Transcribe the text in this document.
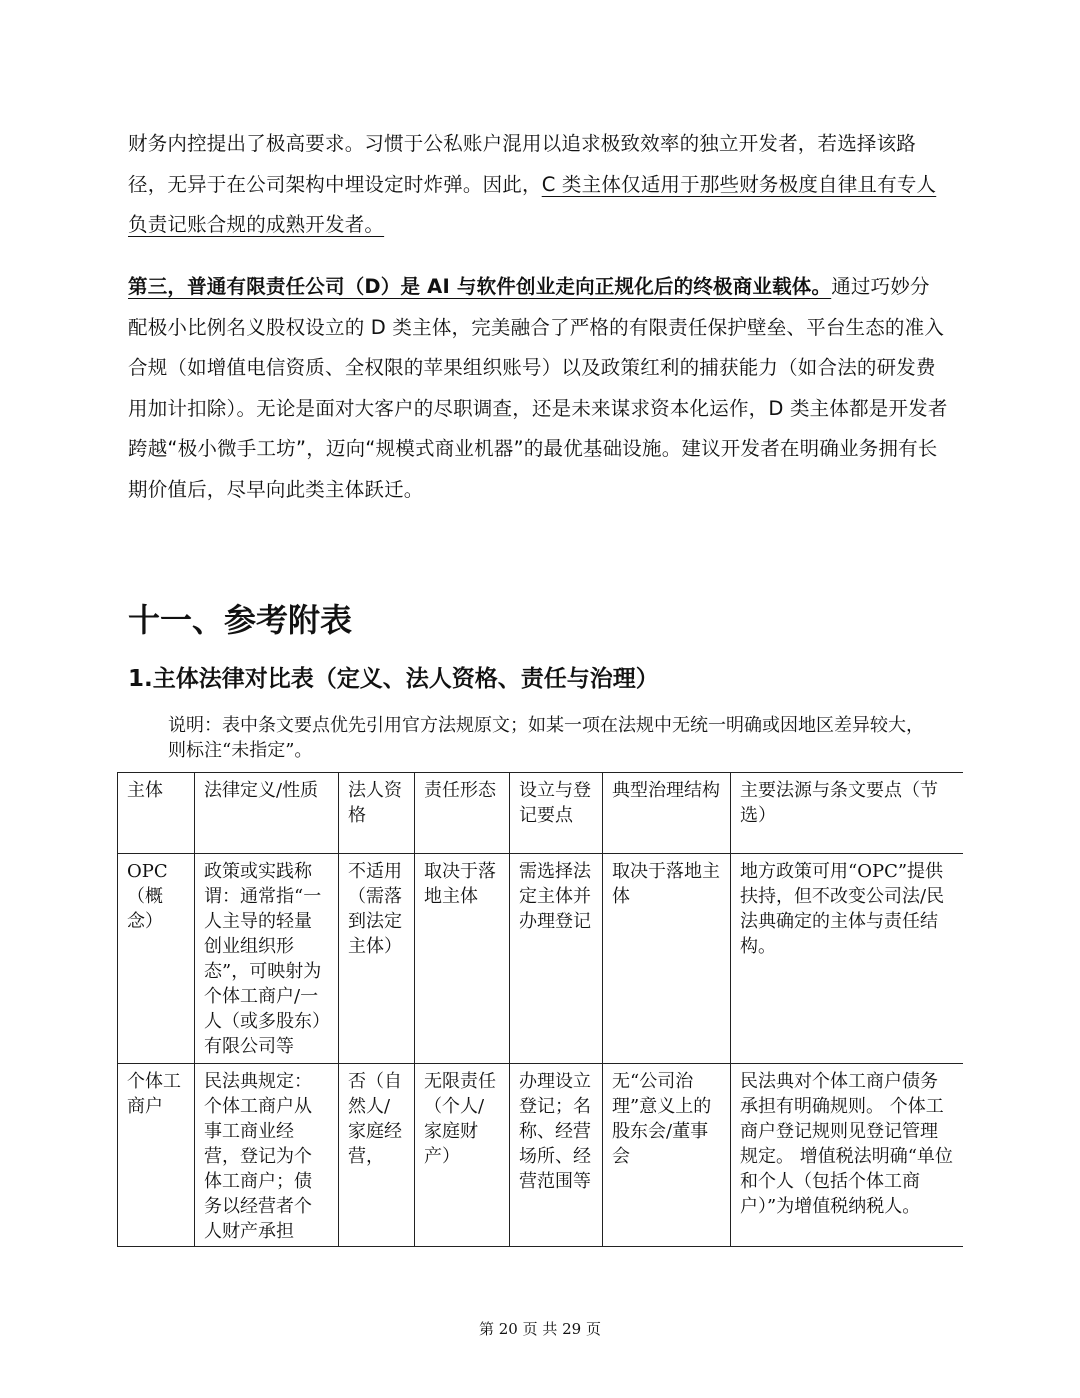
财务内控提出了极高要求。习惯于公私账户混用以追求极致效率的独立开发者，若选择该路径，无异于在公司架构中埋设定时炸弹。因此，C 类主体仅适用于那些财务极度自律且有专人负责记账合规的成熟开发者。

第三，普通有限责任公司（D）是 AI 与软件创业走向正规化后的终极商业载体。通过巧妙分配极小比例名义股权设立的 D 类主体，完美融合了严格的有限责任保护壁垒、平台生态的准入合规（如增值电信资质、全权限的苹果组织账号）以及政策红利的捕获能力（如合法的研发费用加计扣除）。无论是面对大客户的尽职调查，还是未来谋求资本化运作，D 类主体都是开发者跨越“极小微手工坊”，迈向“规模式商业机器”的最优基础设施。建议开发者在明确业务拥有长期价值后，尽早向此类主体跃迁。

十一、参考附表
1.主体法律对比表（定义、法人资格、责任与治理）

说明：表中条文要点优先引用官方法规原文；如某一项在法规中无统一明确或因地区差异较大，则标注“未指定”。

主体	法律定义/性质	法人资格	责任形态	设立与登记要点	典型治理结构	主要法源与条文要点（节选）
OPC（概念）	政策或实践称谓：通常指“一人主导的轻量创业组织形态”，可映射为个体工商户/一人（或多股东）有限公司等	不适用（需落到法定主体）	取决于落地主体	需选择法定主体并办理登记	取决于落地主体	地方政策可用“OPC”提供扶持，但不改变公司法/民法典确定的主体与责任结构。
个体工商户	民法典规定：个体工商户从事工商业经营，登记为个体工商户；债务以经营者个人财产承担	否（自然人/家庭经营，	无限责任（个人/家庭财产）	办理设立登记；名称、经营场所、经营范围等	无“公司治理”意义上的股东会/董事会	民法典对个体工商户债务承担有明确规则。 个体工商户登记规则见登记管理规定。 增值税法明确“单位和个人（包括个体工商户）”为增值税纳税人。
第 20 页 共 29 页
